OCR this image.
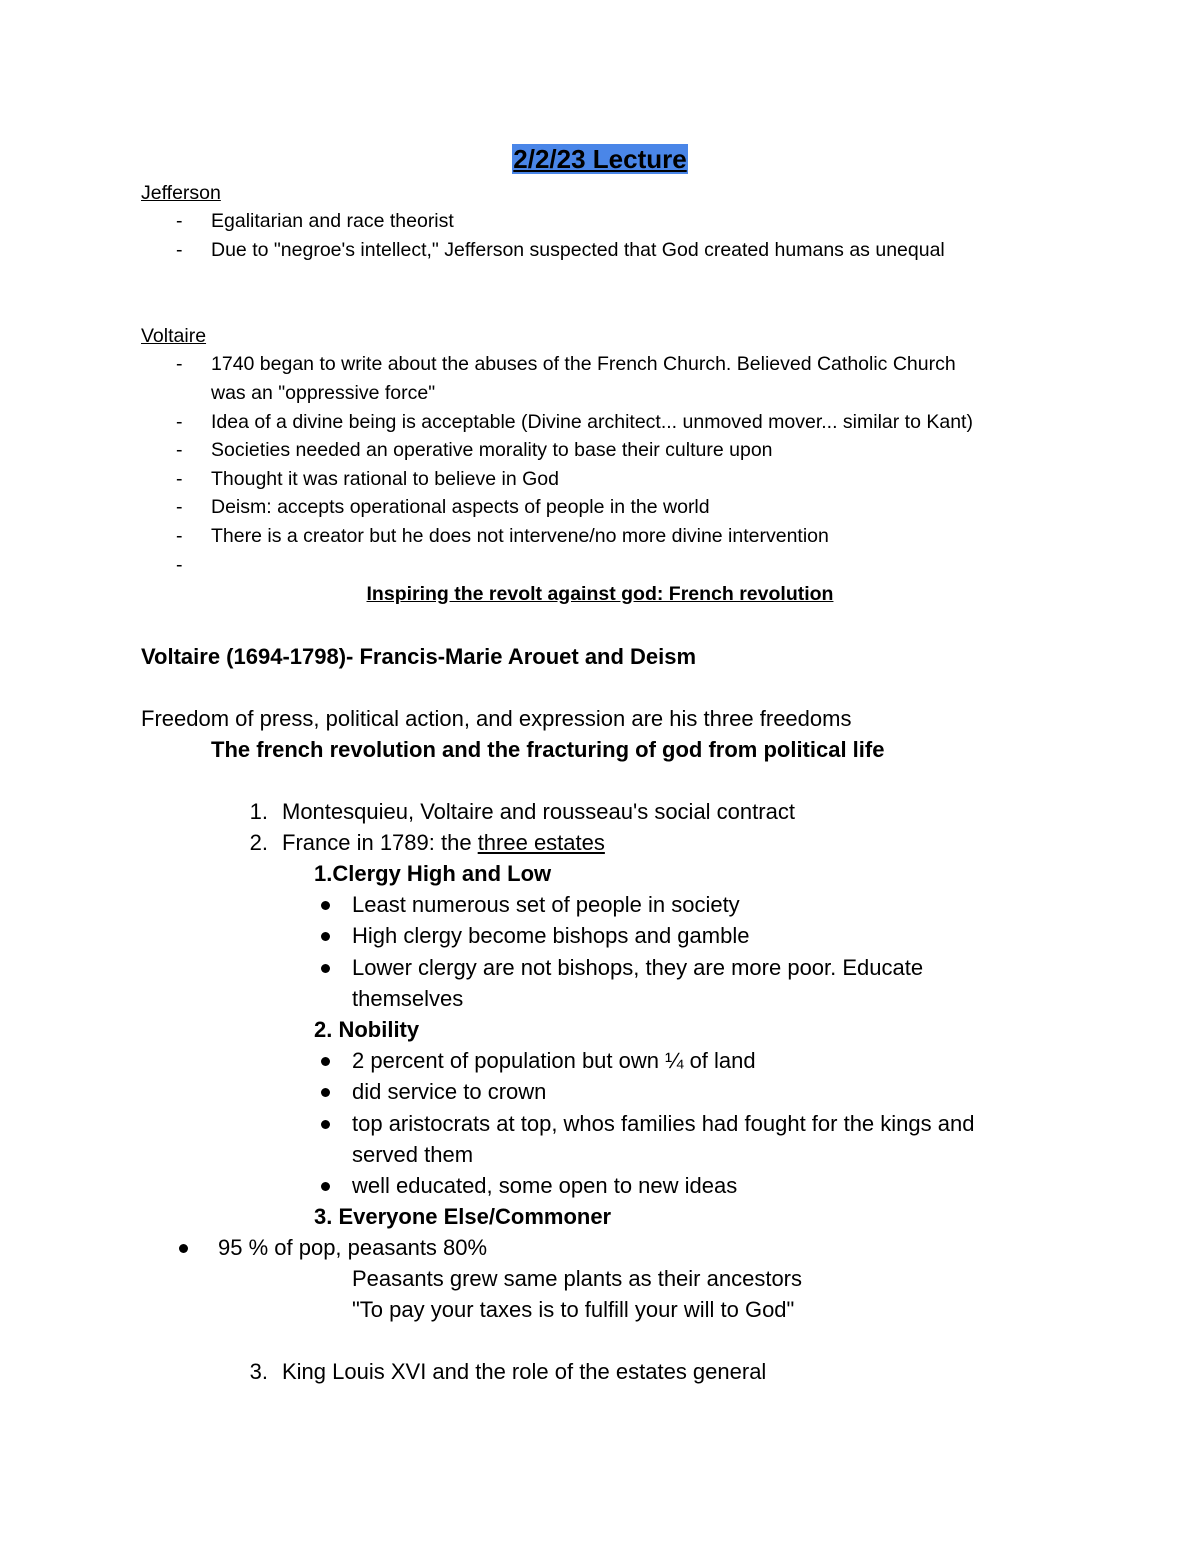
2/2/23 Lecture
Jefferson
- Egalitarian and race theorist
- Due to "negroe's intellect," Jefferson suspected that God created humans as unequal
Voltaire
- 1740 began to write about the abuses of the French Church. Believed Catholic Church
was an "oppressive force"
- Idea of a divine being is acceptable (Divine architect... unmoved mover... similar to Kant)
- Societies needed an operative morality to base their culture upon
- Thought it was rational to believe in God
- Deism: accepts operational aspects of people in the world
- There is a creator but he does not intervene/no more divine intervention
-
Inspiring the revolt against god: French revolution
Voltaire (1694-1798)- Francis-Marie Arouet and Deism
Freedom of press, political action, and expression are his three freedoms
The french revolution and the fracturing of god from political life
1. Montesquieu, Voltaire and rousseau's social contract
2. France in 1789: the three estates
1.Clergy High and Low
Least numerous set of people in society
High clergy become bishops and gamble
Lower clergy are not bishops, they are more poor. Educate
themselves
2. Nobility
2 percent of population but own ¼ of land
did service to crown
top aristocrats at top, whos families had fought for the kings and
served them
well educated, some open to new ideas
3. Everyone Else/Commoner
95 % of pop, peasants 80%
Peasants grew same plants as their ancestors
"To pay your taxes is to fulfill your will to God"
3. King Louis XVI and the role of the estates general
